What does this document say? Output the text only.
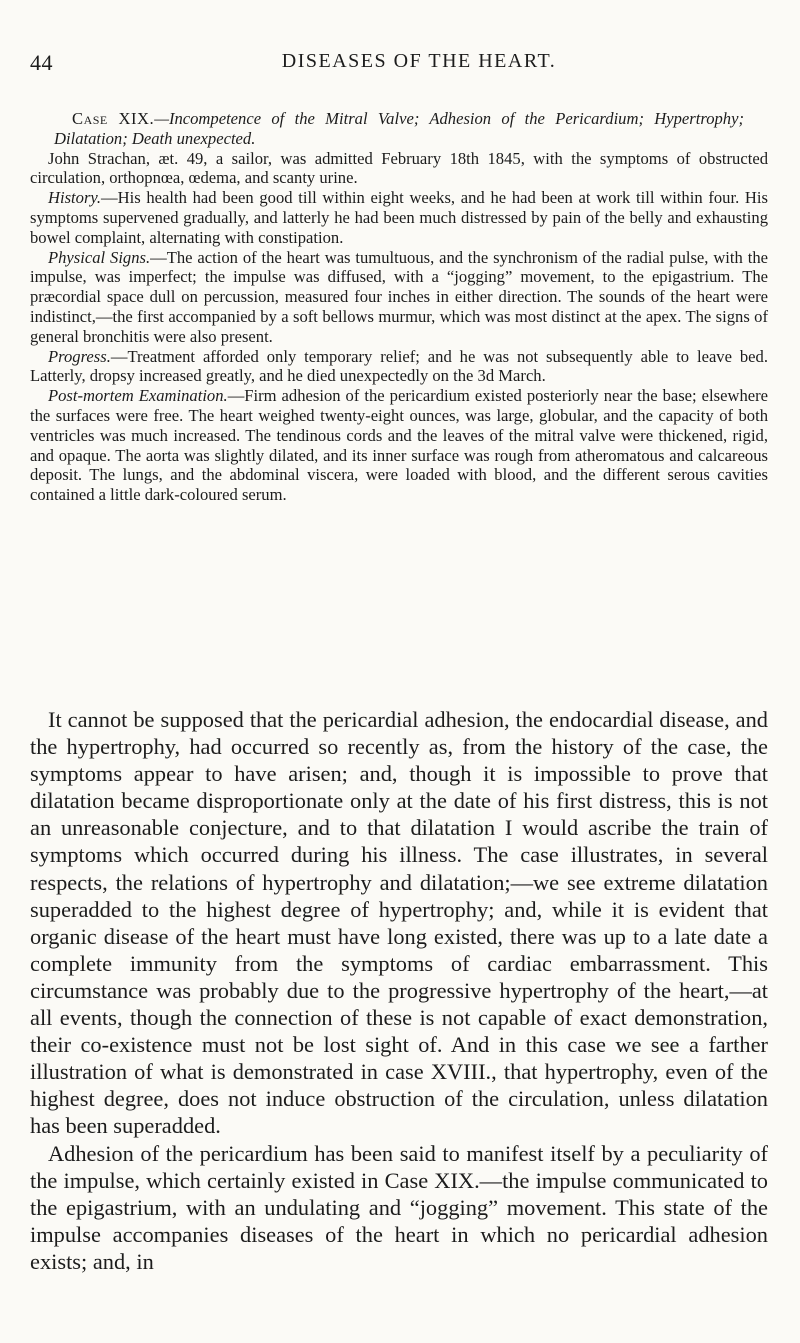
44	DISEASES OF THE HEART.

Case XIX.—Incompetence of the Mitral Valve; Adhesion of the Pericardium; Hypertrophy; Dilatation; Death unexpected.

John Strachan, æt. 49, a sailor, was admitted February 18th 1845, with the symptoms of obstructed circulation, orthopnœa, œdema, and scanty urine.

History.—His health had been good till within eight weeks, and he had been at work till within four. His symptoms supervened gradually, and latterly he had been much distressed by pain of the belly and exhausting bowel complaint, alternating with constipation.

Physical Signs.—The action of the heart was tumultuous, and the synchronism of the radial pulse, with the impulse, was imperfect; the impulse was diffused, with a “jogging” movement, to the epigastrium. The præcordial space dull on percussion, measured four inches in either direction. The sounds of the heart were indistinct,—the first accompanied by a soft bellows murmur, which was most distinct at the apex. The signs of general bronchitis were also present.

Progress.—Treatment afforded only temporary relief; and he was not subsequently able to leave bed. Latterly, dropsy increased greatly, and he died unexpectedly on the 3d March.

Post-mortem Examination.—Firm adhesion of the pericardium existed posteriorly near the base; elsewhere the surfaces were free. The heart weighed twenty-eight ounces, was large, globular, and the capacity of both ventricles was much increased. The tendinous cords and the leaves of the mitral valve were thickened, rigid, and opaque. The aorta was slightly dilated, and its inner surface was rough from atheromatous and calcareous deposit. The lungs, and the abdominal viscera, were loaded with blood, and the different serous cavities contained a little dark-coloured serum.

It cannot be supposed that the pericardial adhesion, the endocardial disease, and the hypertrophy, had occurred so recently as, from the history of the case, the symptoms appear to have arisen; and, though it is impossible to prove that dilatation became disproportionate only at the date of his first distress, this is not an unreasonable conjecture, and to that dilatation I would ascribe the train of symptoms which occurred during his illness. The case illustrates, in several respects, the relations of hypertrophy and dilatation;—we see extreme dilatation superadded to the highest degree of hypertrophy; and, while it is evident that organic disease of the heart must have long existed, there was up to a late date a complete immunity from the symptoms of cardiac embarrassment. This circumstance was probably due to the progressive hypertrophy of the heart,—at all events, though the connection of these is not capable of exact demonstration, their co-existence must not be lost sight of. And in this case we see a farther illustration of what is demonstrated in case XVIII., that hypertrophy, even of the highest degree, does not induce obstruction of the circulation, unless dilatation has been superadded.

Adhesion of the pericardium has been said to manifest itself by a peculiarity of the impulse, which certainly existed in Case XIX.—the impulse communicated to the epigastrium, with an undulating and “jogging” movement. This state of the impulse accompanies diseases of the heart in which no pericardial adhesion exists; and, in
